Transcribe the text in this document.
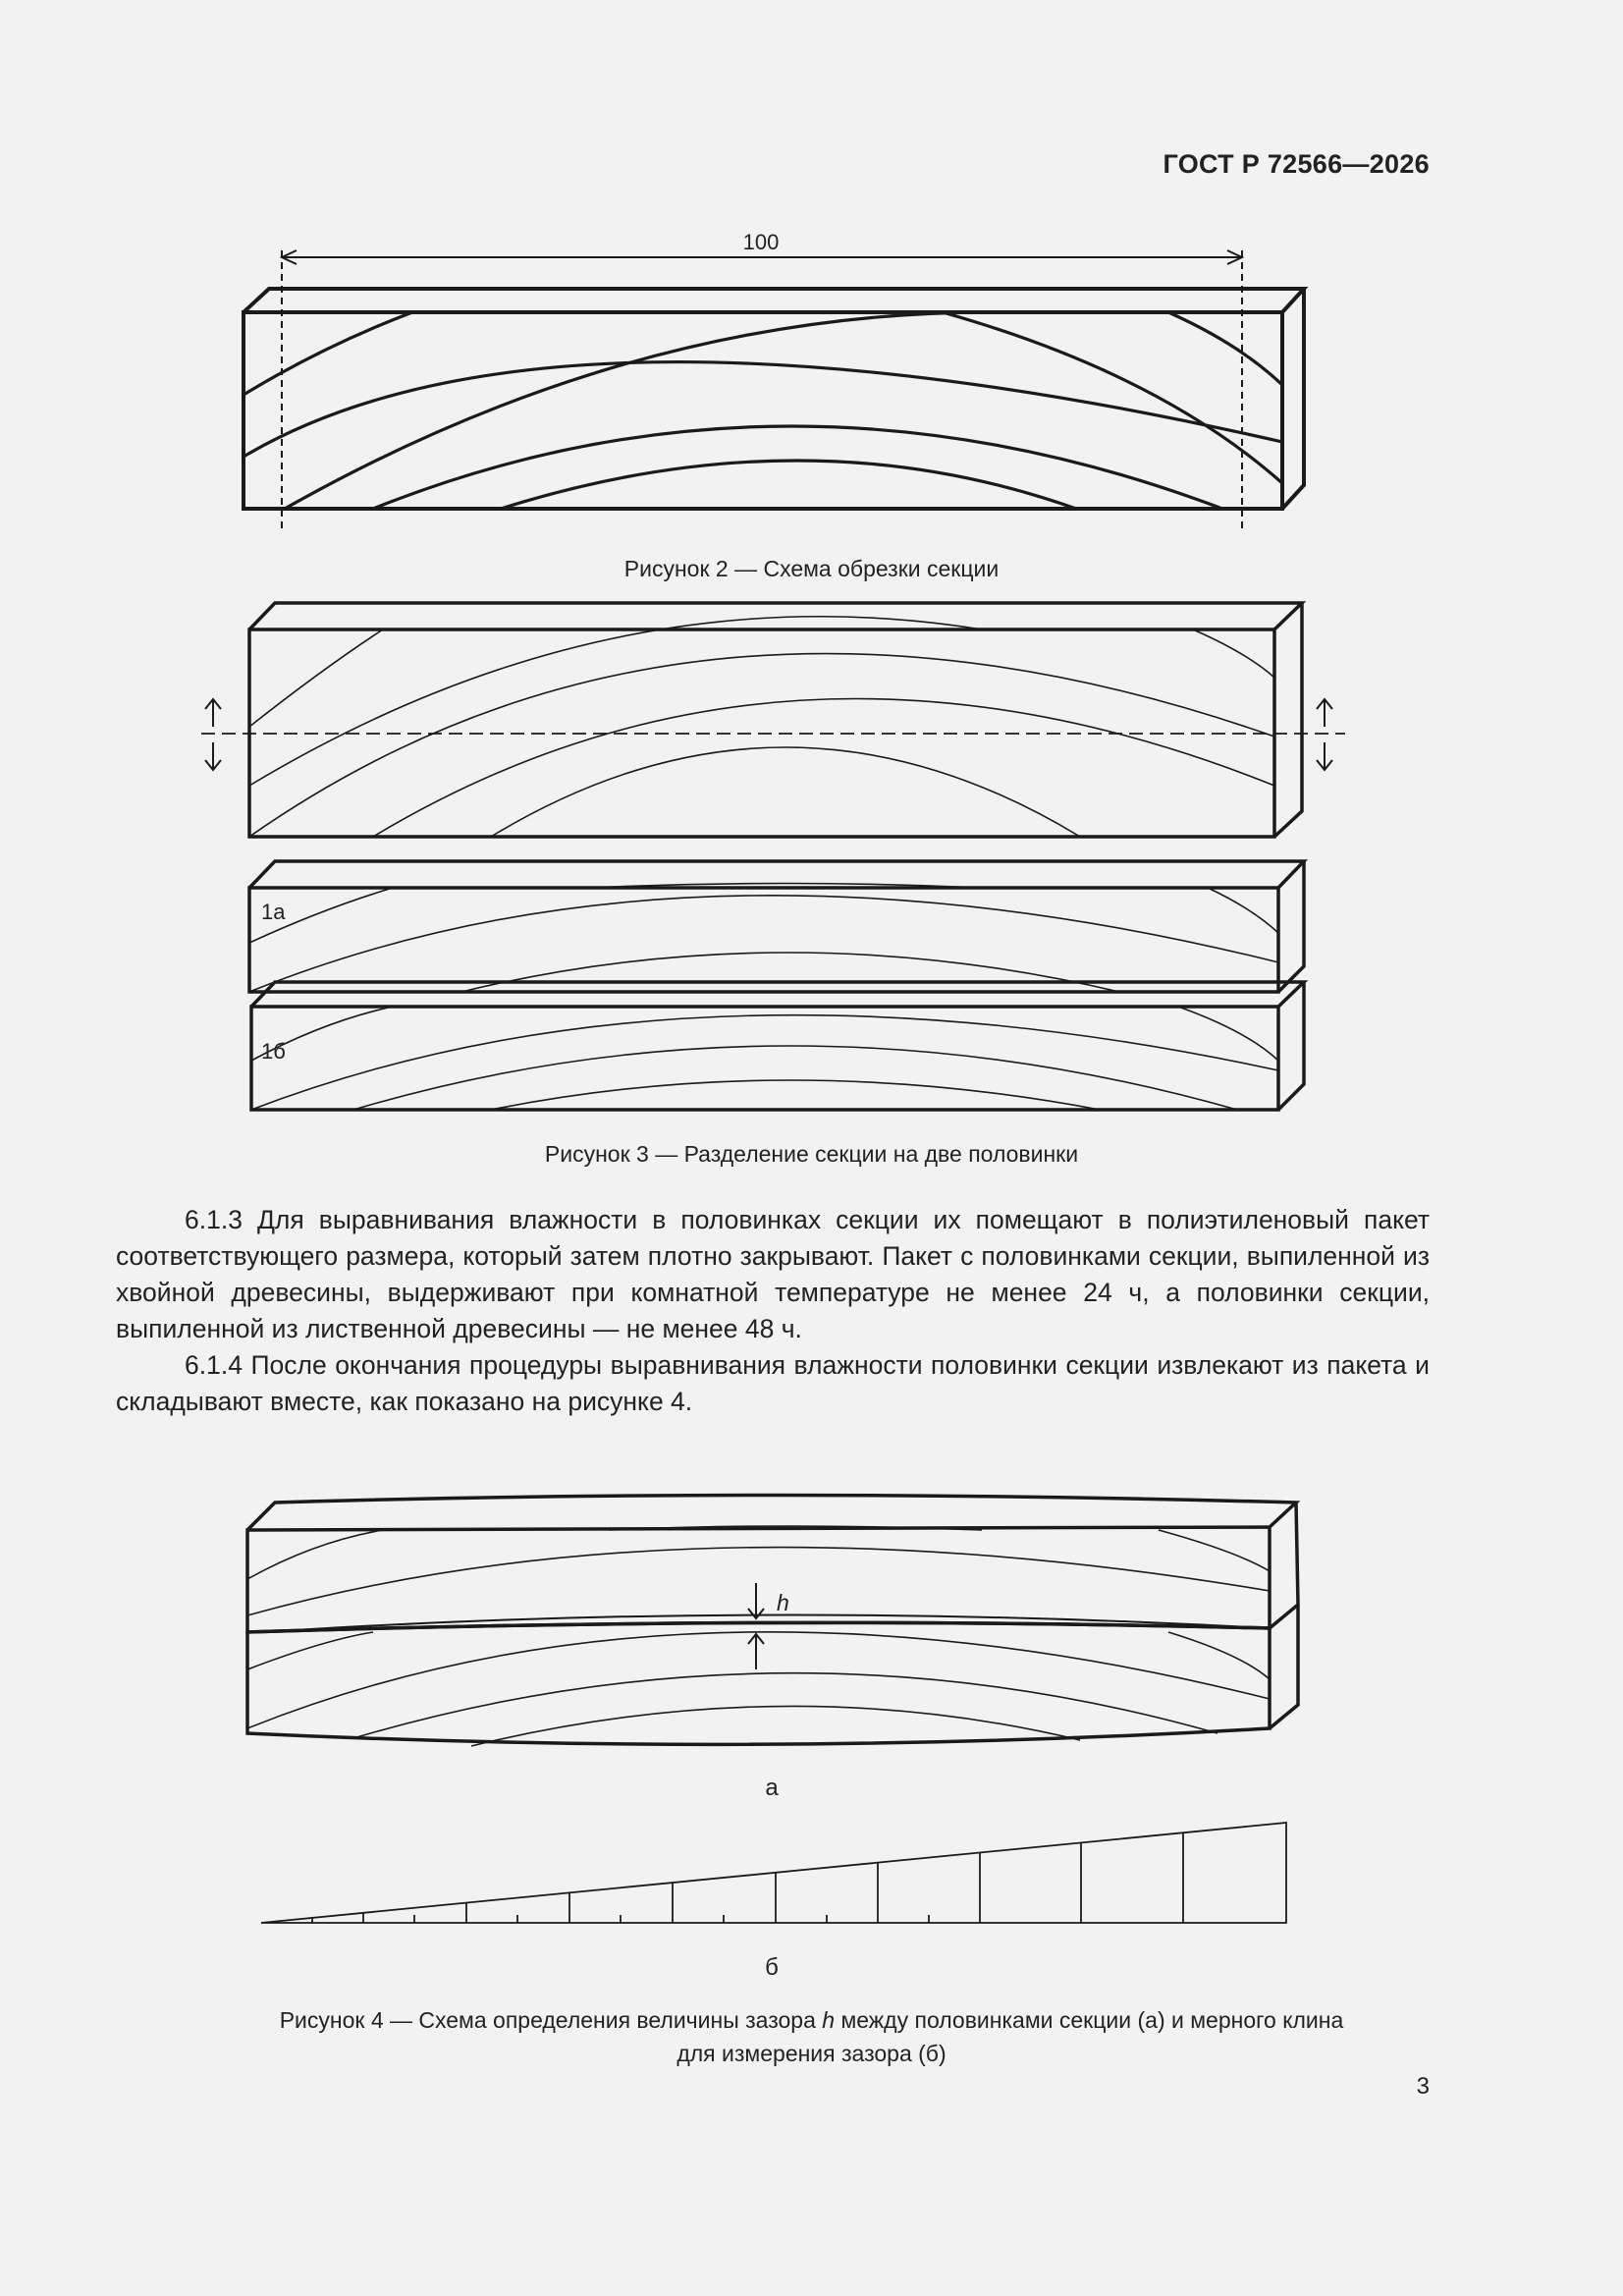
ГОСТ Р 72566—2026
100
Рисунок 2 — Схема обрезки секции
1а
1б
Рисунок 3 — Разделение секции на две половинки

6.1.3 Для выравнивания влажности в половинках секции их помещают в полиэтиленовый пакет соответствующего размера, который затем плотно закрывают. Пакет с половинками секции, выпиленной из хвойной древесины, выдерживают при комнатной температуре не менее 24 ч, а половинки секции, выпиленной из лиственной древесины — не менее 48 ч.

6.1.4 После окончания процедуры выравнивания влажности половинки секции извлекают из пакета и складывают вместе, как показано на рисунке 4.

h
а
б
Рисунок 4 — Схема определения величины зазора h между половинками секции (а) и мерного клина
для измерения зазора (б)
3
